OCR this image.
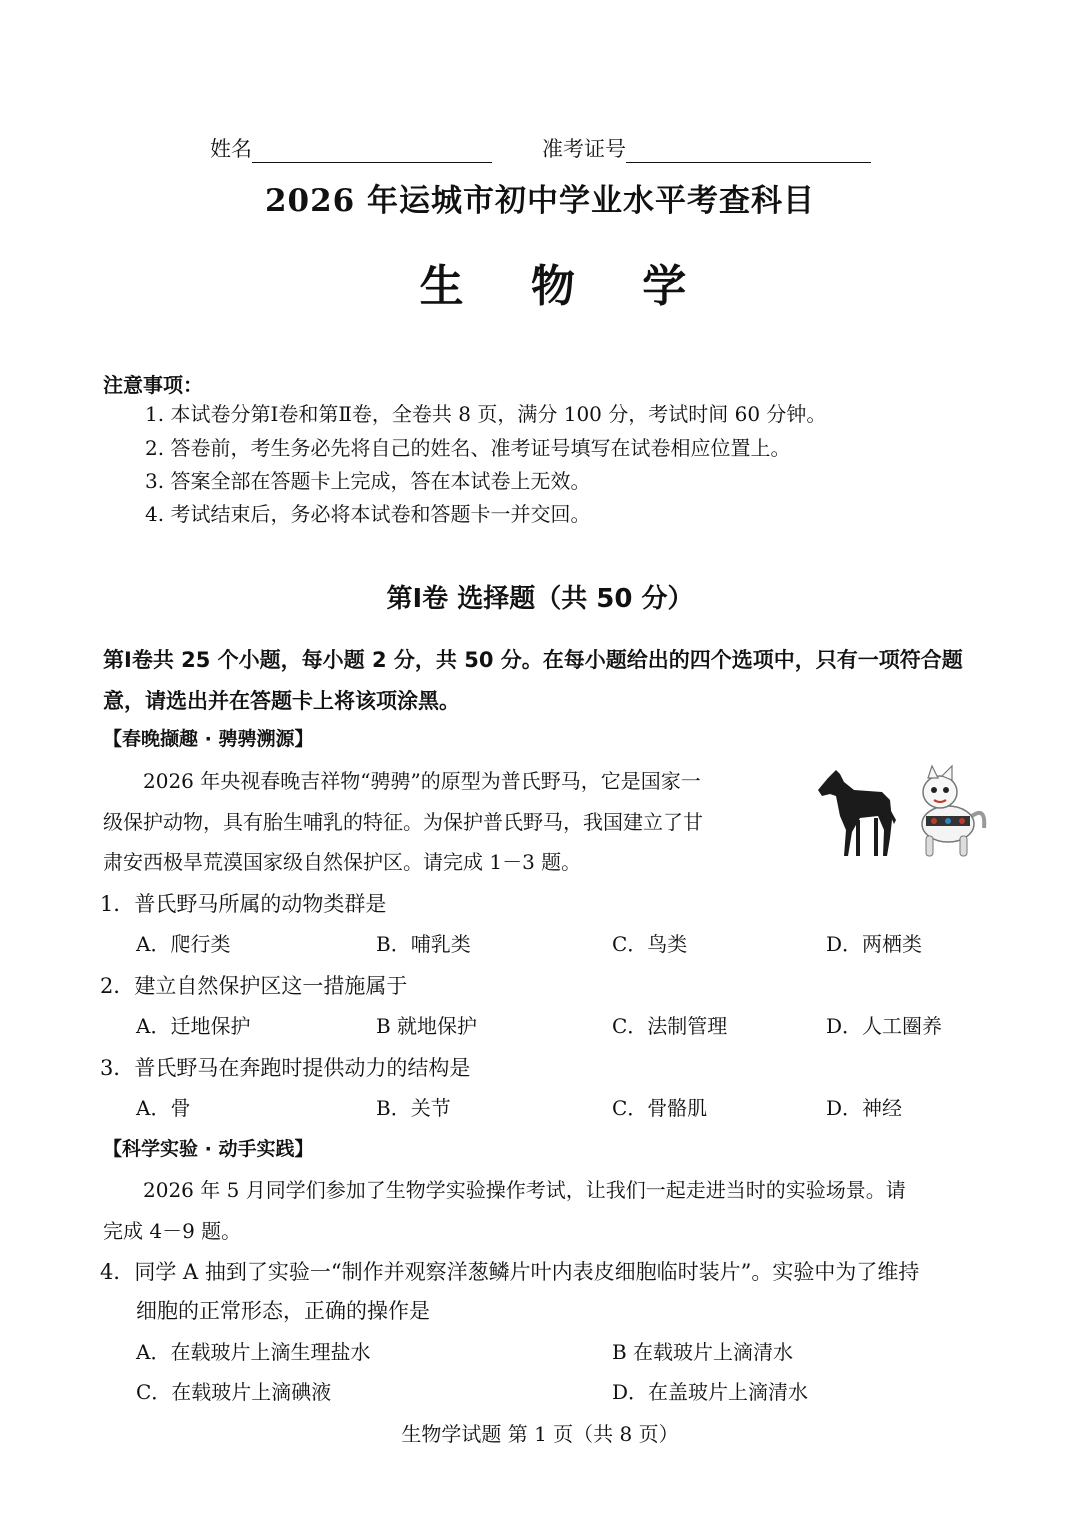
姓名	准考证号
2026 年运城市初中学业水平考查科目
生 物 学
注意事项：
1. 本试卷分第Ⅰ卷和第Ⅱ卷，全卷共 8 页，满分 100 分，考试时间 60 分钟。
2. 答卷前，考生务必先将自己的姓名、准考证号填写在试卷相应位置上。
3. 答案全部在答题卡上完成，答在本试卷上无效。
4. 考试结束后，务必将本试卷和答题卡一并交回。
第Ⅰ卷 选择题（共 50 分）
第Ⅰ卷共 25 个小题，每小题 2 分，共 50 分。在每小题给出的四个选项中，只有一项符合题意，请选出并在答题卡上将该项涂黑。
【春晚撷趣 · 骋骋溯源】
2026 年央视春晚吉祥物“骋骋”的原型为普氏野马，它是国家一
级保护动物，具有胎生哺乳的特征。为保护普氏野马，我国建立了甘
肃安西极旱荒漠国家级自然保护区。请完成 1－3 题。
1．普氏野马所属的动物类群是
A．爬行类	B．哺乳类	C．鸟类	D．两栖类
2．建立自然保护区这一措施属于
A．迁地保护	B 就地保护	C．法制管理	D．人工圈养
3．普氏野马在奔跑时提供动力的结构是
A．骨	B．关节	C．骨骼肌	D．神经
【科学实验 · 动手实践】
2026 年 5 月同学们参加了生物学实验操作考试，让我们一起走进当时的实验场景。请
完成 4－9 题。
4．同学 A 抽到了实验一“制作并观察洋葱鳞片叶内表皮细胞临时装片”。实验中为了维持
细胞的正常形态，正确的操作是
A．在载玻片上滴生理盐水	B 在载玻片上滴清水
C．在载玻片上滴碘液	D．在盖玻片上滴清水
生物学试题 第 1 页（共 8 页）
